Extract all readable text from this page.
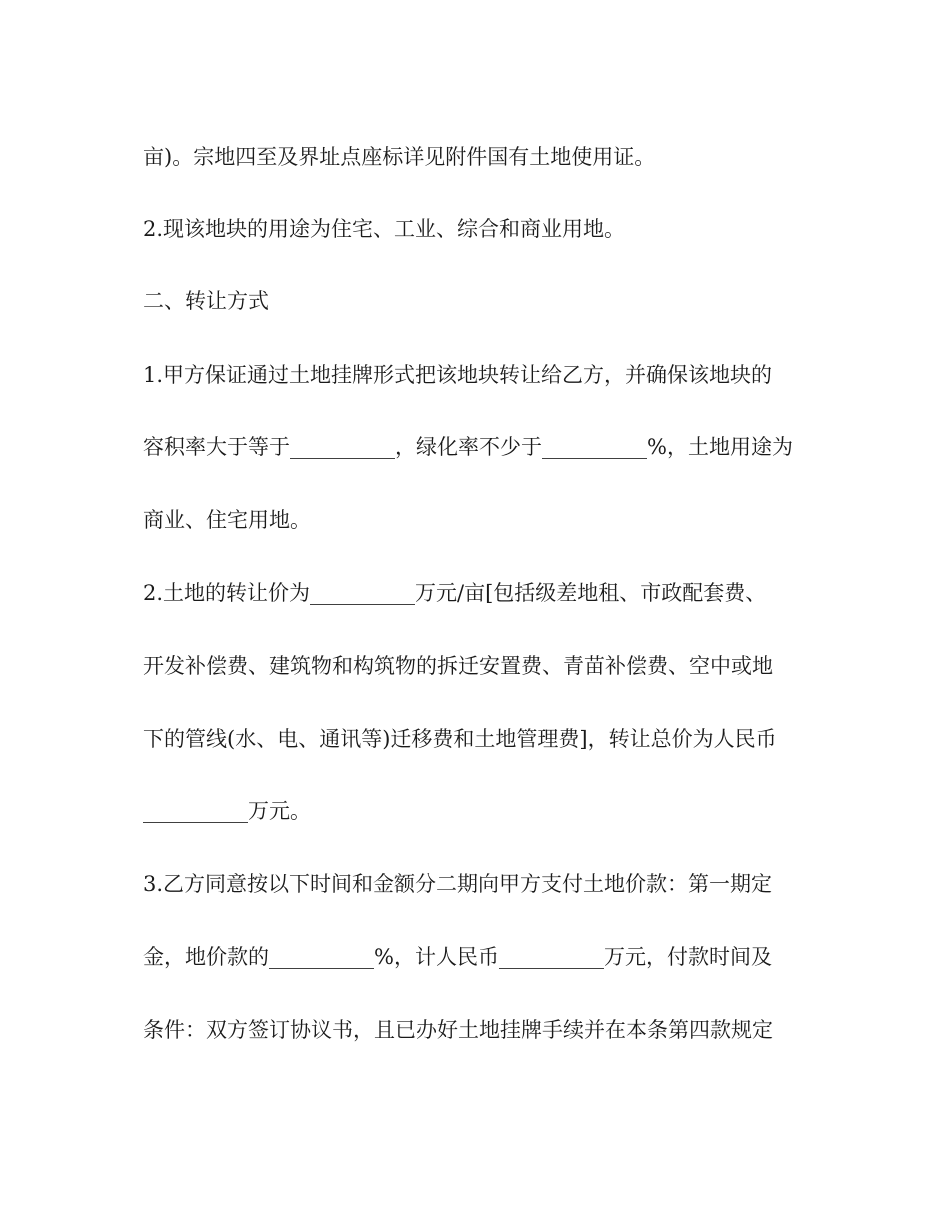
亩)。宗地四至及界址点座标详见附件国有土地使用证。
2.现该地块的用途为住宅、工业、综合和商业用地。
二、转让方式
1.甲方保证通过土地挂牌形式把该地块转让给乙方，并确保该地块的
容积率大于等于__________，绿化率不少于__________%，土地用途为
商业、住宅用地。
2.土地的转让价为__________万元/亩[包括级差地租、市政配套费、
开发补偿费、建筑物和构筑物的拆迁安置费、青苗补偿费、空中或地
下的管线(水、电、通讯等)迁移费和土地管理费]，转让总价为人民币
__________万元。
3.乙方同意按以下时间和金额分二期向甲方支付土地价款：第一期定
金，地价款的__________%，计人民币__________万元，付款时间及
条件：双方签订协议书，且已办好土地挂牌手续并在本条第四款规定
